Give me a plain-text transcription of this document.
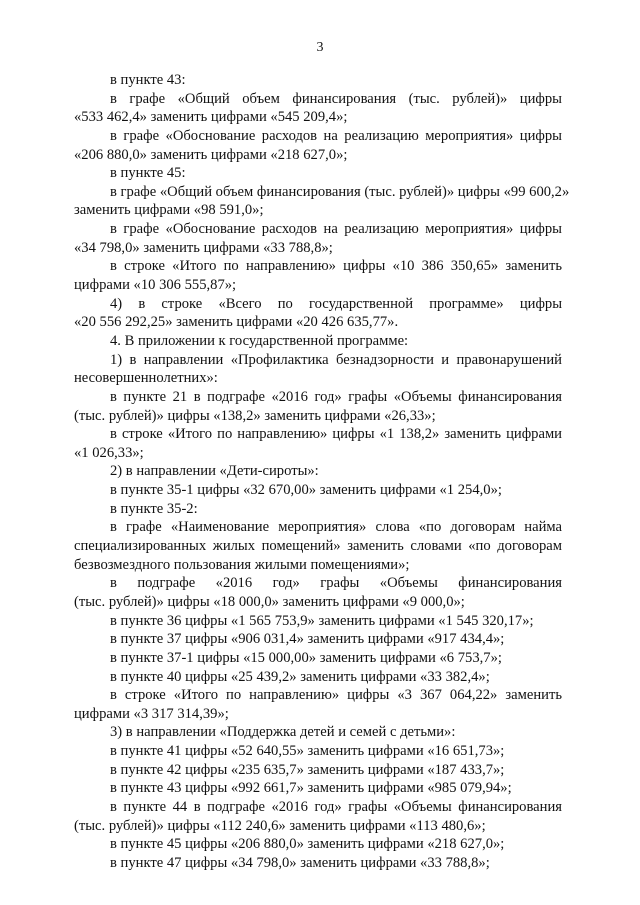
3
в пункте 43:
в графе «Общий объем финансирования (тыс. рублей)» цифры
«533 462,4» заменить цифрами «545 209,4»;
в графе «Обоснование расходов на реализацию мероприятия» цифры
«206 880,0» заменить цифрами «218 627,0»;
в пункте 45:
в графе «Общий объем финансирования (тыс. рублей)» цифры «99 600,2»
заменить цифрами «98 591,0»;
в графе «Обоснование расходов на реализацию мероприятия» цифры
«34 798,0» заменить цифрами «33 788,8»;
в строке «Итого по направлению» цифры «10 386 350,65» заменить
цифрами «10 306 555,87»;
4) в строке «Всего по государственной программе» цифры
«20 556 292,25» заменить цифрами «20 426 635,77».
4. В приложении к государственной программе:
1) в направлении «Профилактика безнадзорности и правонарушений
несовершеннолетних»:
в пункте 21 в подграфе «2016 год» графы «Объемы финансирования
(тыс. рублей)» цифры «138,2» заменить цифрами «26,33»;
в строке «Итого по направлению» цифры «1 138,2» заменить цифрами
«1 026,33»;
2) в направлении «Дети-сироты»:
в пункте 35-1 цифры «32 670,00» заменить цифрами «1 254,0»;
в пункте 35-2:
в графе «Наименование мероприятия» слова «по договорам найма
специализированных жилых помещений» заменить словами «по договорам
безвозмездного пользования жилыми помещениями»;
в подграфе «2016 год» графы «Объемы финансирования
(тыс. рублей)» цифры «18 000,0» заменить цифрами «9 000,0»;
в пункте 36 цифры «1 565 753,9» заменить цифрами «1 545 320,17»;
в пункте 37 цифры «906 031,4» заменить цифрами «917 434,4»;
в пункте 37-1 цифры «15 000,00» заменить цифрами «6 753,7»;
в пункте 40 цифры «25 439,2» заменить цифрами «33 382,4»;
в строке «Итого по направлению» цифры «3 367 064,22» заменить
цифрами «3 317 314,39»;
3) в направлении «Поддержка детей и семей с детьми»:
в пункте 41 цифры «52 640,55» заменить цифрами «16 651,73»;
в пункте 42 цифры «235 635,7» заменить цифрами «187 433,7»;
в пункте 43 цифры «992 661,7» заменить цифрами «985 079,94»;
в пункте 44 в подграфе «2016 год» графы «Объемы финансирования
(тыс. рублей)» цифры «112 240,6» заменить цифрами «113 480,6»;
в пункте 45 цифры «206 880,0» заменить цифрами «218 627,0»;
в пункте 47 цифры «34 798,0» заменить цифрами «33 788,8»;
